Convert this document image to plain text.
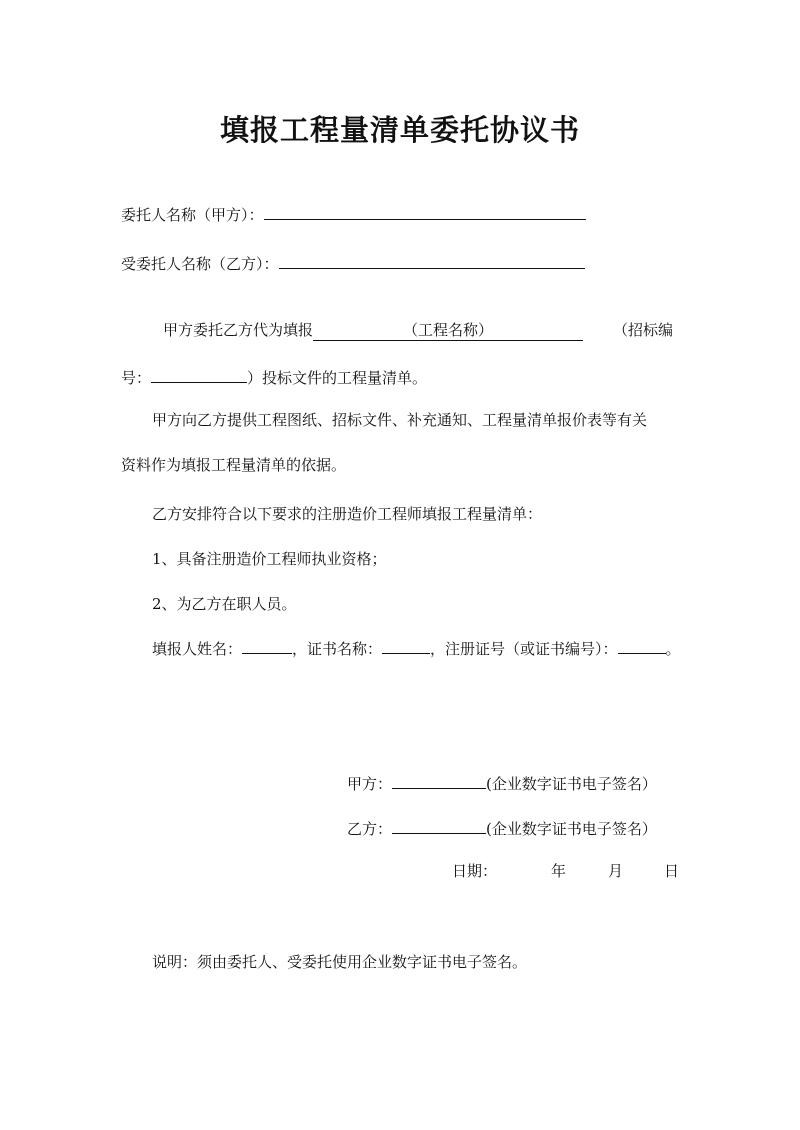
填报工程量清单委托协议书
委托人名称（甲方）：
受委托人名称（乙方）：
甲方委托乙方代为填报	（工程名称）	（招标编
号：	）投标文件的工程量清单。
甲方向乙方提供工程图纸、招标文件、补充通知、工程量清单报价表等有关
资料作为填报工程量清单的依据。
乙方安排符合以下要求的注册造价工程师填报工程量清单：
1、具备注册造价工程师执业资格；
2、为乙方在职人员。
填报人姓名：	，证书名称：	，注册证号（或证书编号）：	。
甲方：	(企业数字证书电子签名）
乙方：	(企业数字证书电子签名）
日期：	年	月	日
说明：须由委托人、受委托使用企业数字证书电子签名。
